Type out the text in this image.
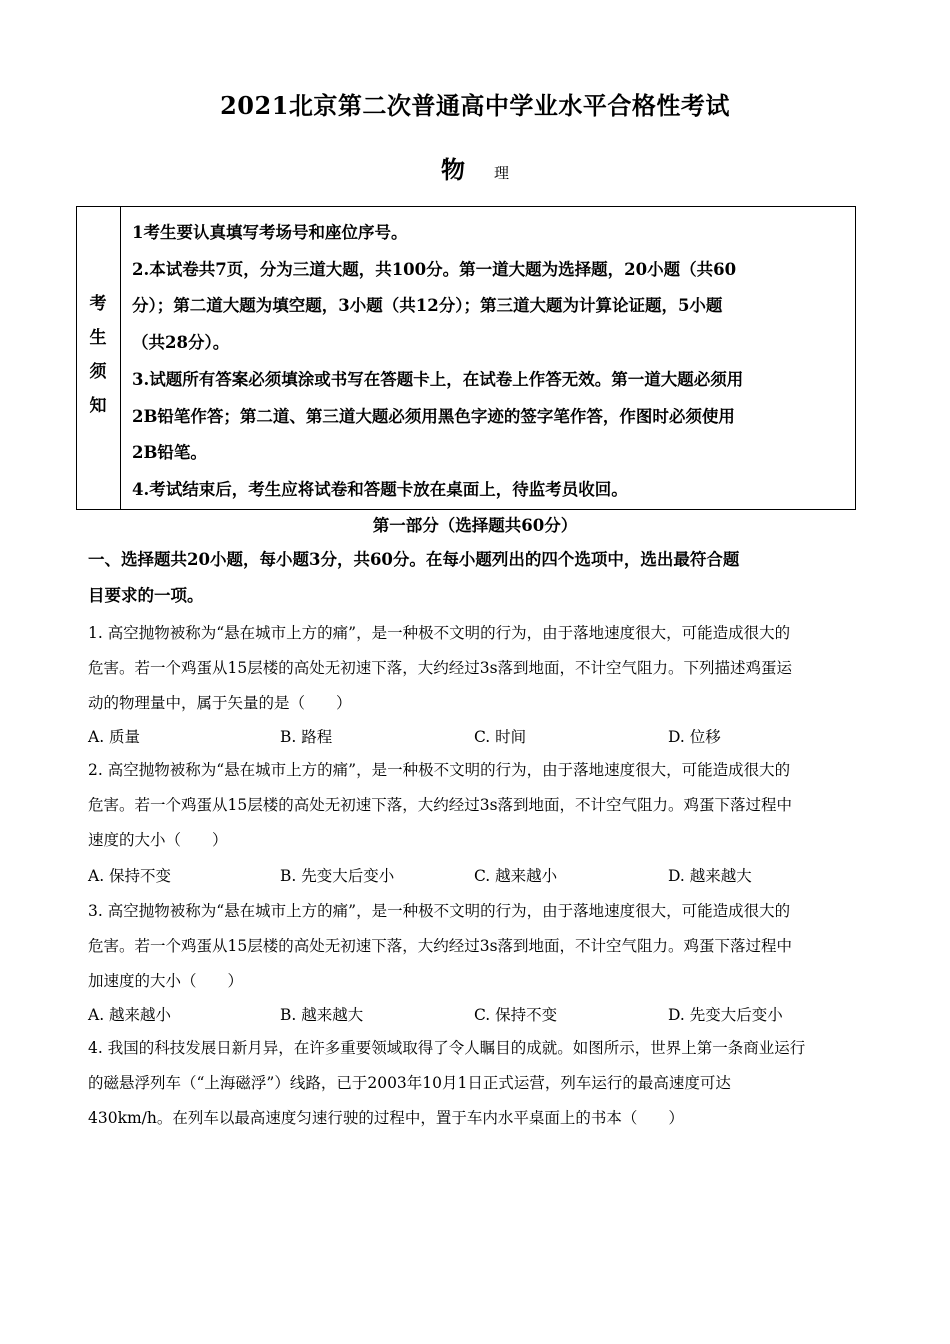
2021北京第二次普通高中学业水平合格性考试
物 理
考
生
须
知

1考生要认真填写考场号和座位序号。

2.本试卷共7页，分为三道大题，共100分。第一道大题为选择题，20小题（共60

分）；第二道大题为填空题，3小题（共12分）；第三道大题为计算论证题，5小题

（共28分）。

3.试题所有答案必须填涂或书写在答题卡上，在试卷上作答无效。第一道大题必须用

2B铅笔作答；第二道、第三道大题必须用黑色字迹的签字笔作答，作图时必须使用

2B铅笔。

4.考试结束后，考生应将试卷和答题卡放在桌面上，待监考员收回。

第一部分（选择题共60分）

一、选择题共20小题，每小题3分，共60分。在每小题列出的四个选项中，选出最符合题

目要求的一项。

1. 高空抛物被称为“悬在城市上方的痛”，是一种极不文明的行为，由于落地速度很大，可能造成很大的

危害。若一个鸡蛋从15层楼的高处无初速下落，大约经过3s落到地面，不计空气阻力。下列描述鸡蛋运

动的物理量中，属于矢量的是（　　）

A. 质量	B. 路程	C. 时间	D. 位移

2. 高空抛物被称为“悬在城市上方的痛”，是一种极不文明的行为，由于落地速度很大，可能造成很大的

危害。若一个鸡蛋从15层楼的高处无初速下落，大约经过3s落到地面，不计空气阻力。鸡蛋下落过程中

速度的大小（　　）

A. 保持不变	B. 先变大后变小	C. 越来越小	D. 越来越大

3. 高空抛物被称为“悬在城市上方的痛”，是一种极不文明的行为，由于落地速度很大，可能造成很大的

危害。若一个鸡蛋从15层楼的高处无初速下落，大约经过3s落到地面，不计空气阻力。鸡蛋下落过程中

加速度的大小（　　）

A. 越来越小	B. 越来越大	C. 保持不变	D. 先变大后变小

4. 我国的科技发展日新月异，在许多重要领域取得了令人瞩目的成就。如图所示，世界上第一条商业运行

的磁悬浮列车（“上海磁浮”）线路，已于2003年10月1日正式运营，列车运行的最高速度可达

430km/h。在列车以最高速度匀速行驶的过程中，置于车内水平桌面上的书本（　　）
